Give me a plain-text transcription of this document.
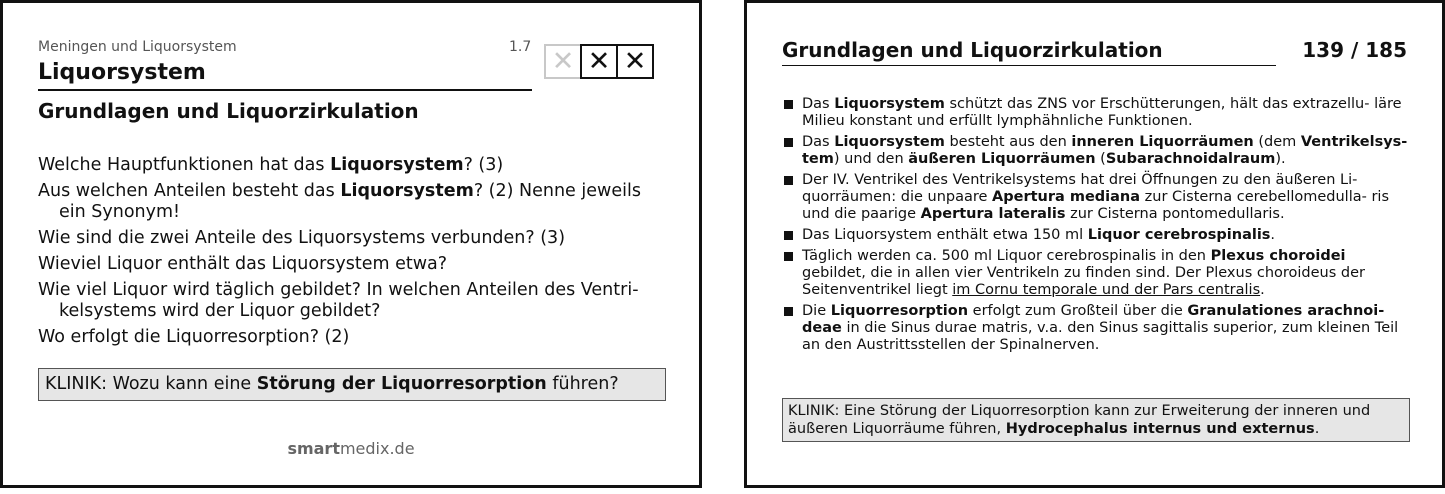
Meningen und Liquorsystem	1.7
Liquorsystem	✕ ✕ ✕
Grundlagen und Liquorzirkulation
Welche Hauptfunktionen hat das Liquorsystem? (3)
Aus welchen Anteilen besteht das Liquorsystem? (2) Nenne jeweils ein Synonym!
Wie sind die zwei Anteile des Liquorsystems verbunden? (3)
Wieviel Liquor enthält das Liquorsystem etwa?
Wie viel Liquor wird täglich gebildet? In welchen Anteilen des Ventri- kelsystems wird der Liquor gebildet?
Wo erfolgt die Liquorresorption? (2)
KLINIK: Wozu kann eine Störung der Liquorresorption führen?
smartmedix.de
Grundlagen und Liquorzirkulation	139 / 185
Das Liquorsystem schützt das ZNS vor Erschütterungen, hält das extrazellu- läre Milieu konstant und erfüllt lymphähnliche Funktionen.
Das Liquorsystem besteht aus den inneren Liquorräumen (dem Ventrikelsys- tem) und den äußeren Liquorräumen (Subarachnoidalraum).
Der IV. Ventrikel des Ventrikelsystems hat drei Öffnungen zu den äußeren Li- quorräumen: die unpaare Apertura mediana zur Cisterna cerebellomedulla- ris und die paarige Apertura lateralis zur Cisterna pontomedullaris.
Das Liquorsystem enthält etwa 150 ml Liquor cerebrospinalis.
Täglich werden ca. 500 ml Liquor cerebrospinalis in den Plexus choroidei gebildet, die in allen vier Ventrikeln zu finden sind. Der Plexus choroideus der Seitenventrikel liegt im Cornu temporale und der Pars centralis.
Die Liquorresorption erfolgt zum Großteil über die Granulationes arachnoi- deae in die Sinus durae matris, v.a. den Sinus sagittalis superior, zum kleinen Teil an den Austrittsstellen der Spinalnerven.
KLINIK: Eine Störung der Liquorresorption kann zur Erweiterung der inneren und äußeren Liquorräume führen, Hydrocephalus internus und externus.
